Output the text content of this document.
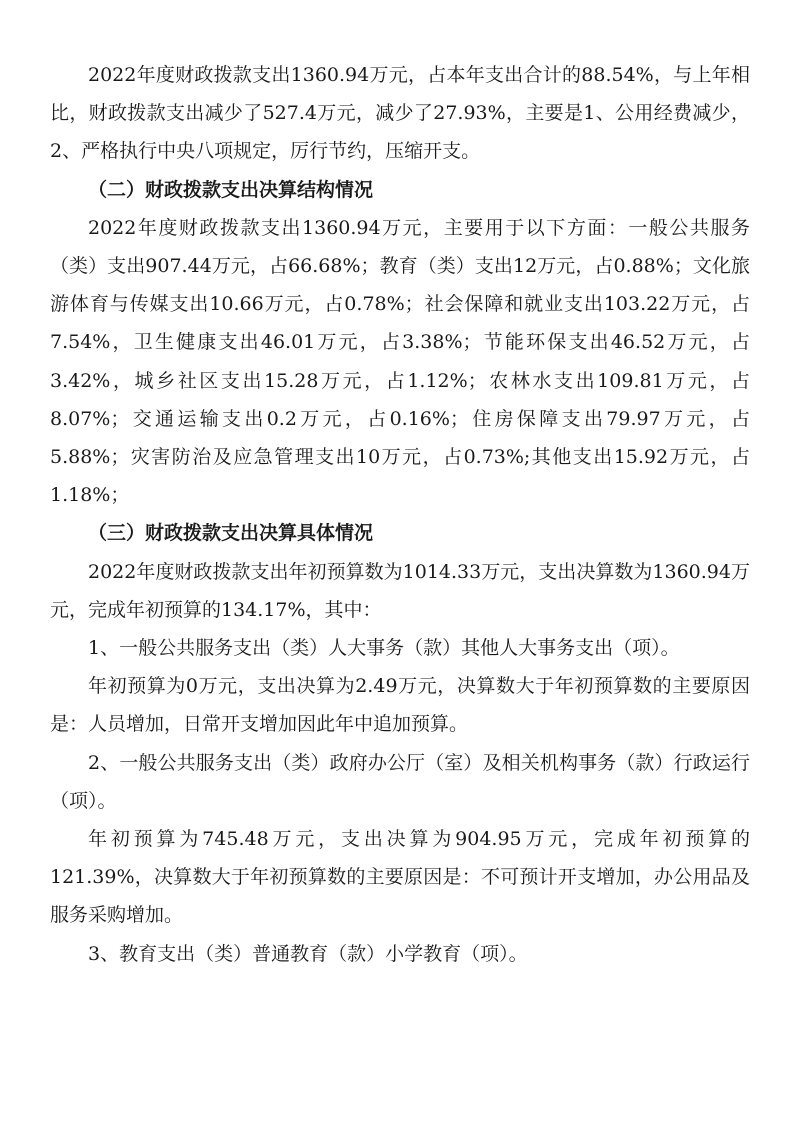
2022年度财政拨款支出1360.94万元，占本年支出合计的88.54%，与上年相比，财政拨款支出减少了527.4万元，减少了27.93%，主要是1、公用经费减少，2、严格执行中央八项规定，厉行节约，压缩开支。

（二）财政拨款支出决算结构情况

2022年度财政拨款支出1360.94万元，主要用于以下方面：一般公共服务（类）支出907.44万元，占66.68%；教育（类）支出12万元，占0.88%；文化旅游体育与传媒支出10.66万元，占0.78%；社会保障和就业支出103.22万元，占7.54%，卫生健康支出46.01万元，占3.38%；节能环保支出46.52万元，占3.42%，城乡社区支出15.28万元，占1.12%；农林水支出109.81万元，占8.07%；交通运输支出0.2万元，占0.16%；住房保障支出79.97万元，占5.88%；灾害防治及应急管理支出10万元，占0.73%;其他支出15.92万元，占1.18%；

（三）财政拨款支出决算具体情况

2022年度财政拨款支出年初预算数为1014.33万元，支出决算数为1360.94万元，完成年初预算的134.17%，其中：

1、一般公共服务支出（类）人大事务（款）其他人大事务支出（项）。

年初预算为0万元，支出决算为2.49万元，决算数大于年初预算数的主要原因是：人员增加，日常开支增加因此年中追加预算。

2、一般公共服务支出（类）政府办公厅（室）及相关机构事务（款）行政运行（项）。

年初预算为745.48万元，支出决算为904.95万元，完成年初预算的121.39%，决算数大于年初预算数的主要原因是：不可预计开支增加，办公用品及服务采购增加。

3、教育支出（类）普通教育（款）小学教育（项）。
